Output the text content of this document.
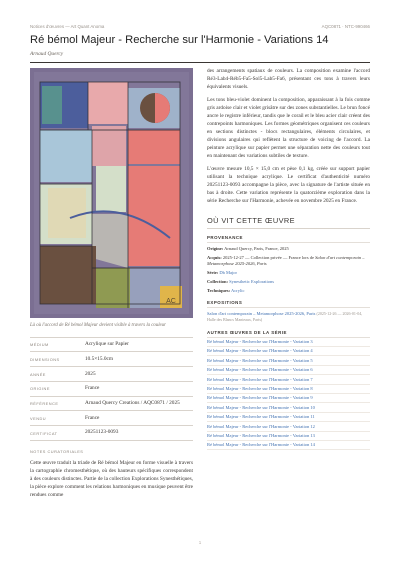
Notices d'œuvres — Art Quant Anoma	AQC0871 · NTC-990466
Ré bémol Majeur - Recherche sur l'Harmonie - Variations 14
Arnaud Quercy
AC
Là où l'accord de Ré bémol Majeur devient visible à travers la couleur
MÉDIUM	Acrylique sur Papier
DIMENSIONS	10.5×15.0cm
ANNÉE	2025
ORIGINE	France
RÉFÉRENCE	Arnaud Quercy Creations / AQC0871 / 2025
VENDU	France
CERTIFICAT	20251123-0093
NOTES CURATORIALES
Cette œuvre traduit la triade de Ré bémol Majeur en forme visuelle à travers la cartographie chromesthétique, où des hauteurs spécifiques correspondent à des couleurs distinctes. Partie de la collection Explorations Synesthétiques, la pièce explore comment les relations harmoniques en musique peuvent être rendues comme

des arrangements spatiaux de couleurs. La composition examine l'accord Ré3-Lab4-Réb5-Fa5-Sol5-Lab5-Fa6, présentant ces tons à travers leurs équivalents visuels.

Les tons bleu-violet dominent la composition, apparaissant à la fois comme gris ardoise clair et violet grisâtre sur des zones substantielles. Le brun foncé ancre le registre inférieur, tandis que le corail et le bleu acier clair créent des contrepoints harmoniques. Les formes géométriques organisent ces couleurs en sections distinctes - blocs rectangulaires, éléments circulaires, et divisions angulaires qui reflètent la structure de voicing de l'accord. La peinture acrylique sur papier permet une séparation nette des couleurs tout en maintenant des variations subtiles de texture.

L'œuvre mesure 10,5 × 15,0 cm et pèse 0,1 kg, créée sur support papier utilisant la technique acrylique. Le certificat d'authenticité numéro 20251123-0093 accompagne la pièce, avec la signature de l'artiste située en bas à droite. Cette variation représente la quatorzième exploration dans la série Recherche sur l'Harmonie, achevée en novembre 2025 en France.

OÙ VIT CETTE ŒUVRE
PROVENANCE
Origine: Arnaud Quercy, Paris, France, 2025
Acquis: 2025-12-27 — Collection privée — France lors de Salon d'art contemporain – Metamorphose 2025-2026, Paris
Série: Db Major
Collection: Synesthetic Explorations
Techniques: Acrylic
EXPOSITIONS
Salon d'art contemporain – Metamorphose 2025-2026, Paris (2025-12-26 — 2026-01-04, Halle des Blancs Manteaux, Paris)
AUTRES ŒUVRES DE LA SÉRIE
Ré bémol Majeur - Recherche sur l'Harmonie - Variation 3
Ré bémol Majeur - Recherche sur l'Harmonie - Variation 4
Ré bémol Majeur - Recherche sur l'Harmonie - Variation 5
Ré bémol Majeur - Recherche sur l'Harmonie - Variation 6
Ré bémol Majeur - Recherche sur l'Harmonie - Variation 7
Ré bémol Majeur - Recherche sur l'Harmonie - Variation 8
Ré bémol Majeur - Recherche sur l'Harmonie - Variation 9
Ré bémol Majeur - Recherche sur l'Harmonie - Variation 10
Ré bémol Majeur - Recherche sur l'Harmonie - Variation 11
Ré bémol Majeur - Recherche sur l'Harmonie - Variation 12
Ré bémol Majeur - Recherche sur l'Harmonie - Variation 13
Ré bémol Majeur - Recherche sur l'Harmonie - Variation 14
1
